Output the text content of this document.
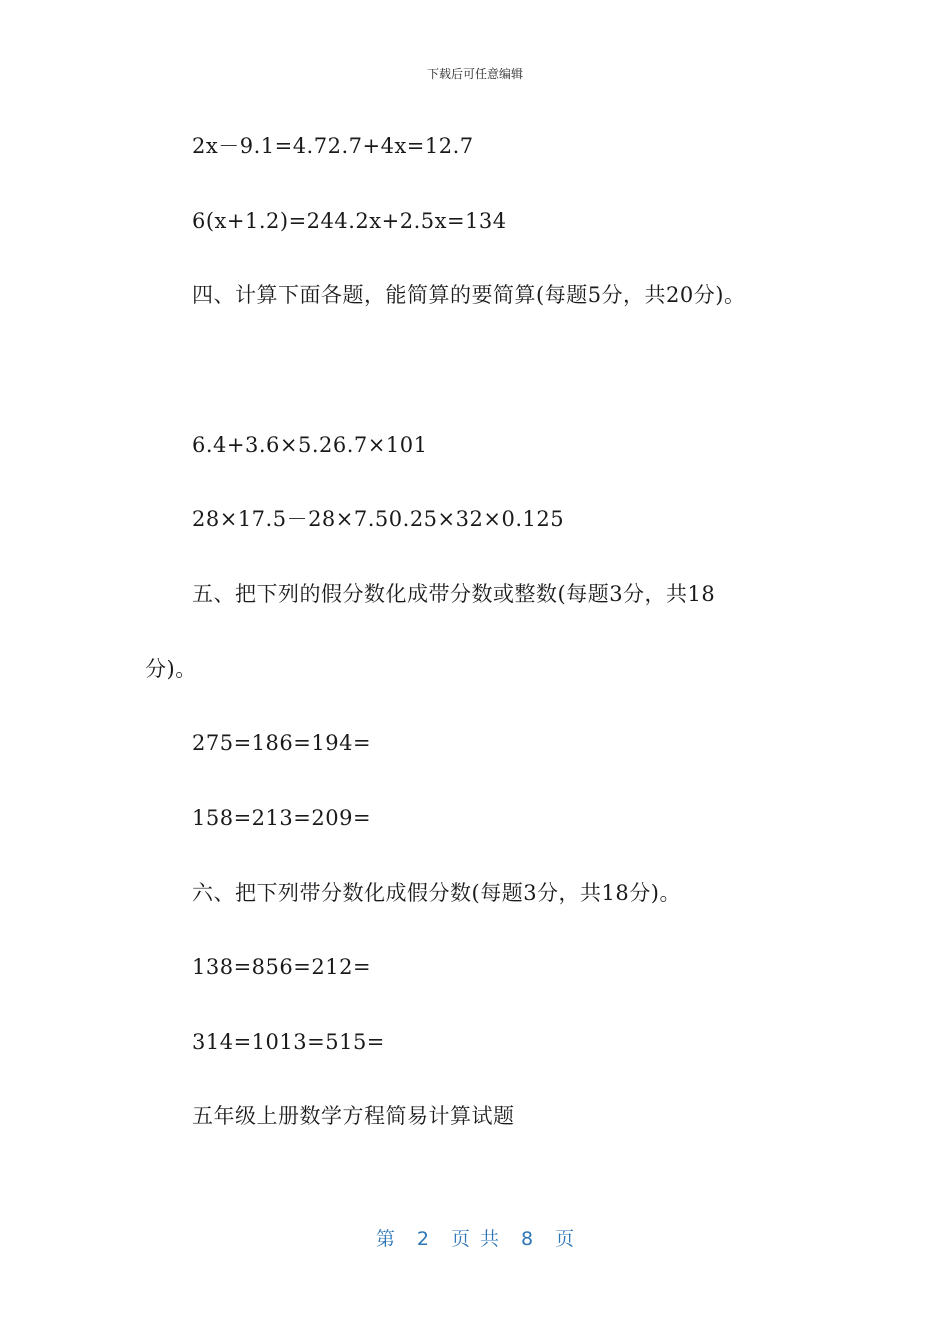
下载后可任意编辑
2x－9.1=4.72.7+4x=12.7
6(x+1.2)=244.2x+2.5x=134
四、计算下面各题，能简算的要简算(每题5分，共20分)。
6.4+3.6×5.26.7×101
28×17.5－28×7.50.25×32×0.125
五、把下列的假分数化成带分数或整数(每题3分，共18
分)。
275=186=194=
158=213=209=
六、把下列带分数化成假分数(每题3分，共18分)。
138=856=212=
314=1013=515=
五年级上册数学方程简易计算试题
第 2 页 共 8 页
